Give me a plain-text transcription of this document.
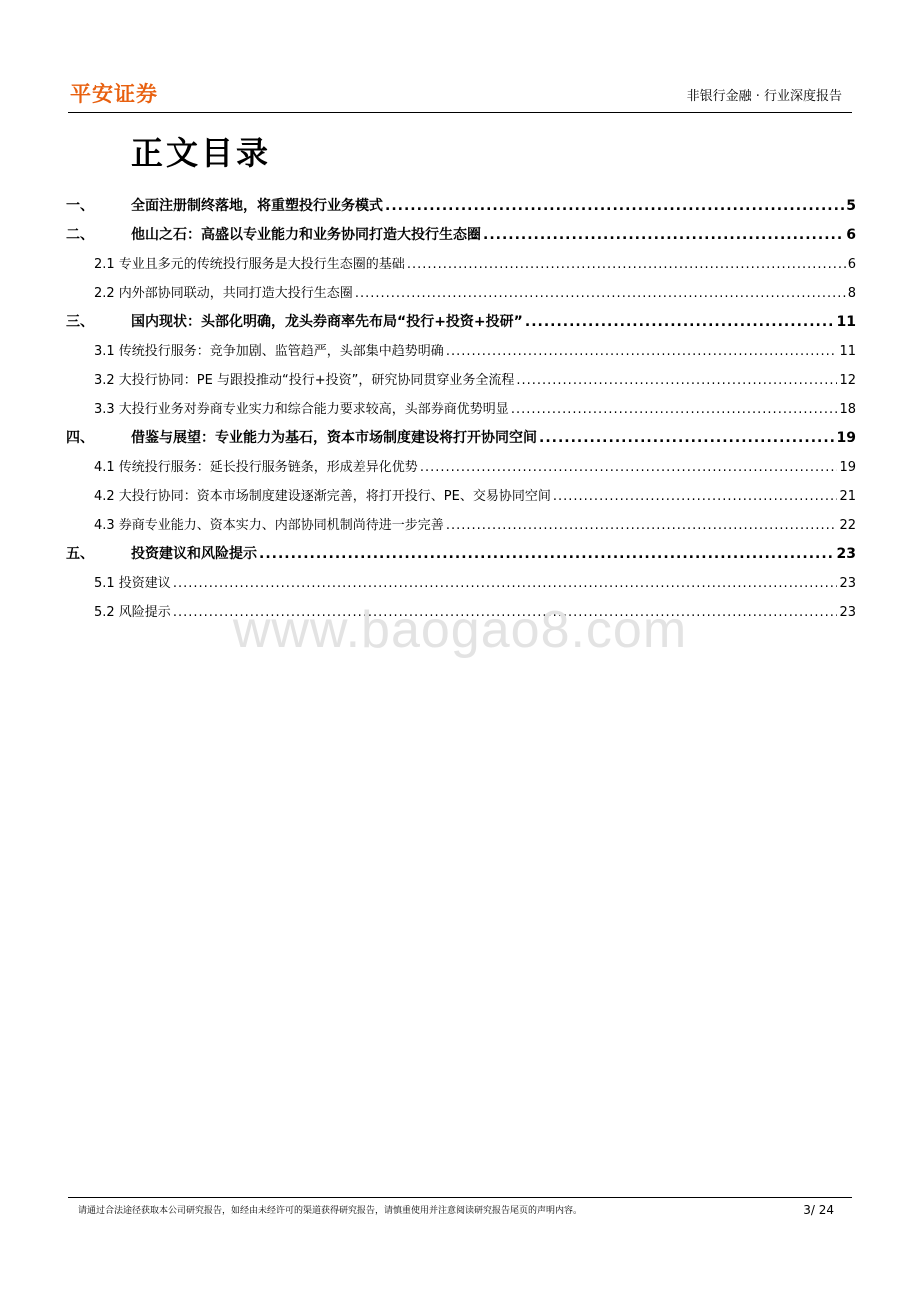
平安证券	非银行金融 · 行业深度报告
正文目录
一、	全面注册制终落地，将重塑投行业务模式 .....	5
二、	他山之石：高盛以专业能力和业务协同打造大投行生态圈 .....	6
2.1 专业且多元的传统投行服务是大投行生态圈的基础 .....	6
2.2 内外部协同联动，共同打造大投行生态圈 .....	8
三、	国内现状：头部化明确，龙头券商率先布局“投行+投资+投研” .....	11
3.1 传统投行服务：竞争加剧、监管趋严，头部集中趋势明确 .....	11
3.2 大投行协同：PE 与跟投推动“投行+投资”，研究协同贯穿业务全流程 .....	12
3.3 大投行业务对券商专业实力和综合能力要求较高，头部券商优势明显 .....	18
四、	借鉴与展望：专业能力为基石，资本市场制度建设将打开协同空间 .....	19
4.1 传统投行服务：延长投行服务链条，形成差异化优势 .....	19
4.2 大投行协同：资本市场制度建设逐渐完善，将打开投行、PE、交易协同空间 .....	21
4.3 券商专业能力、资本实力、内部协同机制尚待进一步完善 .....	22
五、	投资建议和风险提示 .....	23
5.1 投资建议 .....	23
5.2 风险提示 .....	23
www.baogao8.com
请通过合法途径获取本公司研究报告，如经由未经许可的渠道获得研究报告，请慎重使用并注意阅读研究报告尾页的声明内容。	3/ 24
